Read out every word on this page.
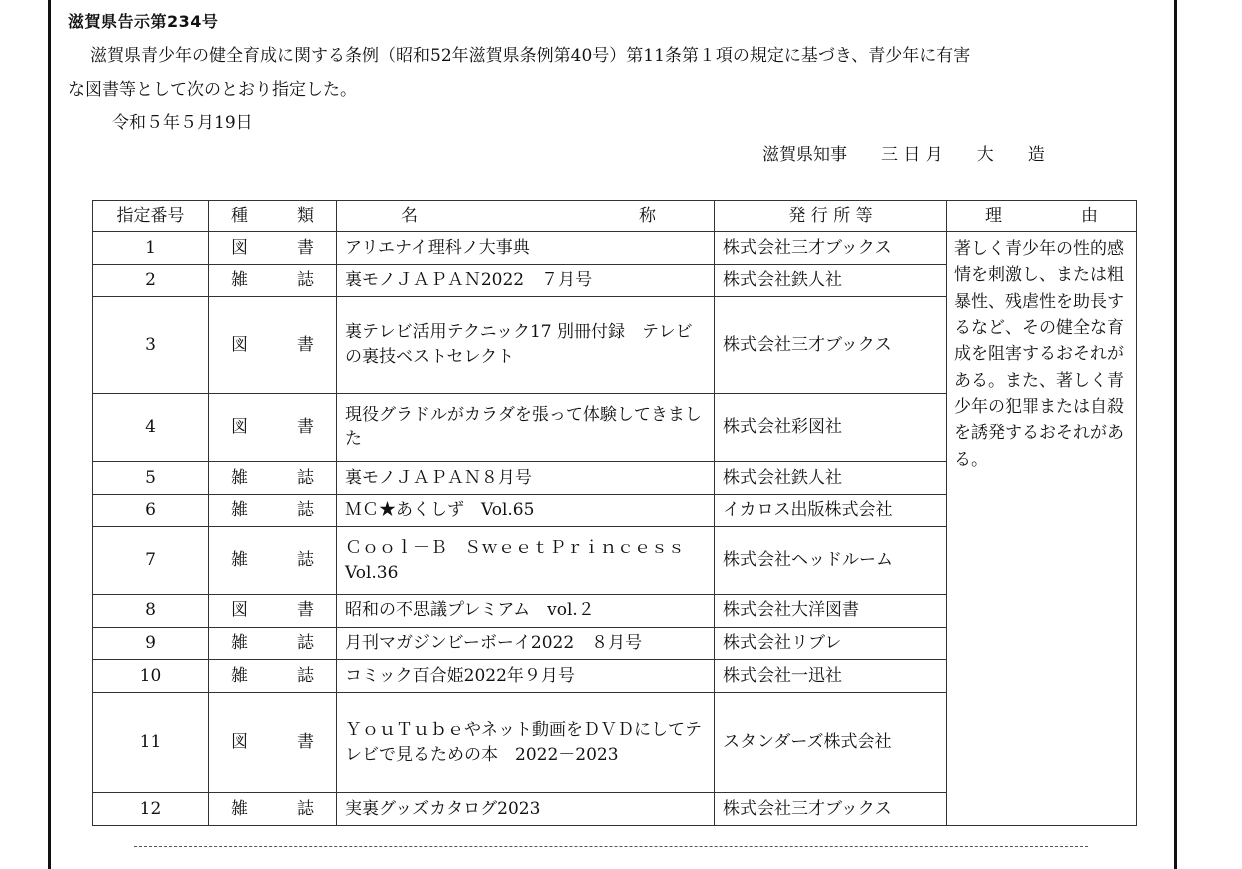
滋賀県告示第234号
滋賀県青少年の健全育成に関する条例（昭和52年滋賀県条例第40号）第11条第１項の規定に基づき、青少年に有害
な図書等として次のとおり指定した。
令和５年５月19日
滋賀県知事　　三 日 月　　大　　造
指定番号	種 類	名 称	発 行 所 等	理 由

1	図 書	アリエナイ理科ノ大事典	株式会社三才ブックス	著しく青少年の性的感情を刺激し、または粗暴性、残虐性を助長するなど、その健全な育成を阻害するおそれがある。また、著しく青少年の犯罪または自殺を誘発するおそれがある。
2	雑 誌	裏モノＪＡＰＡＮ2022　７月号	株式会社鉄人社	
3	図 書	裏テレビ活用テクニック17 別冊付録　テレビの裏技ベストセレクト	株式会社三才ブックス	
4	図 書	現役グラドルがカラダを張って体験してきました	株式会社彩図社	
5	雑 誌	裏モノＪＡＰＡＮ８月号	株式会社鉄人社	
6	雑 誌	ＭＣ★あくしず　Vol.65	イカロス出版株式会社	
7	雑 誌	Ｃｏｏｌ－Ｂ　ＳｗｅｅｔＰｒｉｎｃｅｓｓ　Vol.36	株式会社ヘッドルーム	
8	図 書	昭和の不思議プレミアム　vol.２	株式会社大洋図書	
9	雑 誌	月刊マガジンビーボーイ2022　８月号	株式会社リブレ	
10	雑 誌	コミック百合姫2022年９月号	株式会社一迅社	
11	図 書	ＹｏｕＴｕｂｅやネット動画をＤＶＤにしてテレビで見るための本　2022－2023	スタンダーズ株式会社	
12	雑 誌	実裏グッズカタログ2023	株式会社三才ブックス	
